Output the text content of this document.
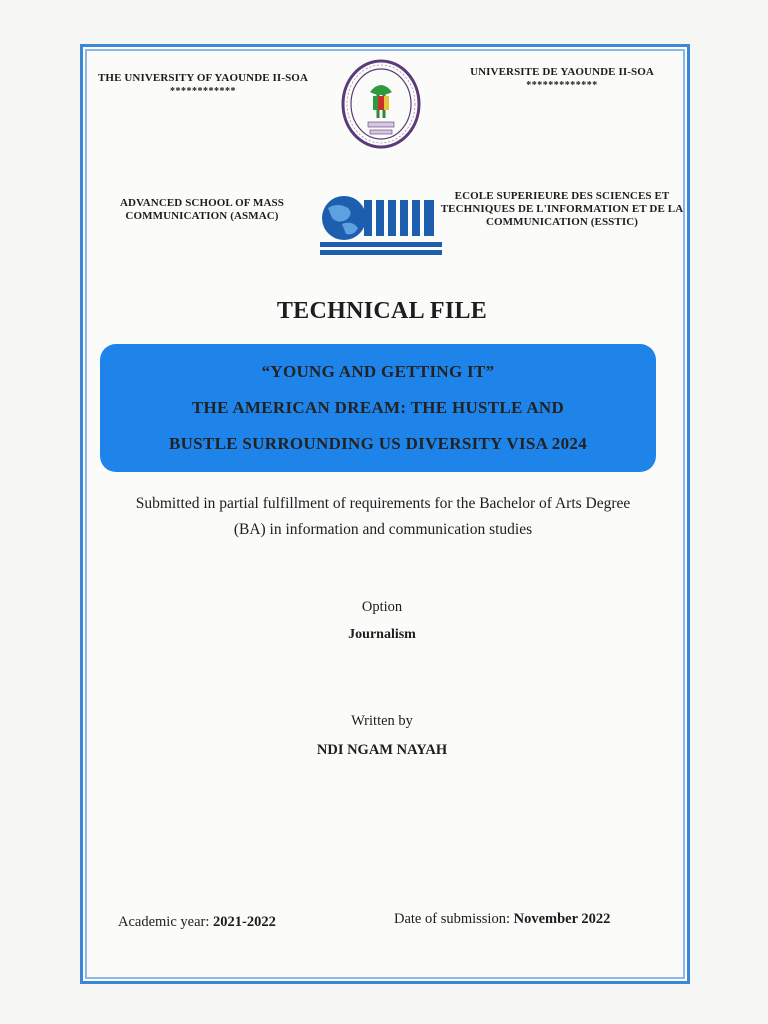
THE UNIVERSITY OF YAOUNDE II-SOA
************
UNIVERSITE DE YAOUNDE II-SOA
*************
ADVANCED SCHOOL OF MASS COMMUNICATION (ASMAC)
ECOLE SUPERIEURE DES SCIENCES ET TECHNIQUES DE L'INFORMATION ET DE LA COMMUNICATION (ESSTIC)
TECHNICAL FILE
“YOUNG AND GETTING IT”
THE AMERICAN DREAM: THE HUSTLE AND
BUSTLE SURROUNDING US DIVERSITY VISA 2024

Submitted in partial fulfillment of requirements for the Bachelor of Arts Degree

(BA) in information and communication studies

Option
Journalism
Written by
NDI NGAM NAYAH
Academic year: 2021-2022	Date of submission: November 2022
